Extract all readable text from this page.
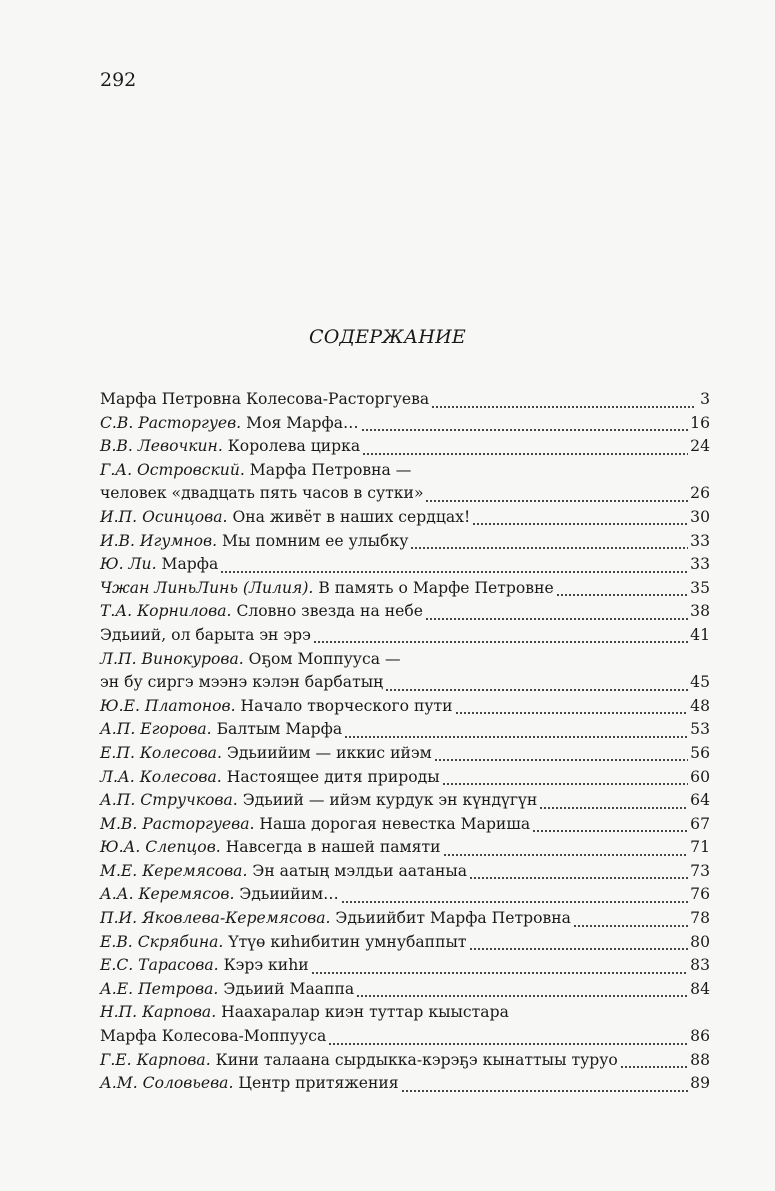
292
СОДЕРЖАНИЕ
Марфа Петровна Колесова-Расторгуева	3
С.В. Расторгуев. Моя Марфа…	16
В.В. Левочкин. Королева цирка	24
Г.А. Островский. Марфа Петровна —
человек «двадцать пять часов в сутки»	26
И.П. Осинцова. Она живёт в наших сердцах!	30
И.В. Игумнов. Мы помним ее улыбку	33
Ю. Ли. Марфа	33
Чжан ЛиньЛинь (Лилия). В память о Марфе Петровне	35
Т.А. Корнилова. Словно звезда на небе	38
Эдьиий, ол барыта эн эрэ	41
Л.П. Винокурова. Оҕом Моппууса —
эн бу сиргэ мээнэ кэлэн барбатың	45
Ю.Е. Платонов. Начало творческого пути	48
А.П. Егорова. Балтым Марфа	53
Е.П. Колесова. Эдьиийим — иккис ийэм	56
Л.А. Колесова. Настоящее дитя природы	60
А.П. Стручкова. Эдьиий — ийэм курдук эн күндүгүн	64
М.В. Расторгуева. Наша дорогая невестка Мариша	67
Ю.А. Слепцов. Навсегда в нашей памяти	71
М.Е. Керемясова. Эн аатың мэлдьи аатаныа	73
А.А. Керемясов. Эдьиийим…	76
П.И. Яковлева-Керемясова. Эдьиийбит Марфа Петровна	78
Е.В. Скрябина. Үтүө киһибитин умнубаппыт	80
Е.С. Тарасова. Кэрэ киһи	83
А.Е. Петрова. Эдьиий Мааппа	84
Н.П. Карпова. Наахаралар киэн туттар кыыстара
Марфа Колесова-Моппууса	86
Г.Е. Карпова. Кини талаана сырдыкка-кэрэҕэ кынаттыы туруо	88
А.М. Соловьева. Центр притяжения	89
